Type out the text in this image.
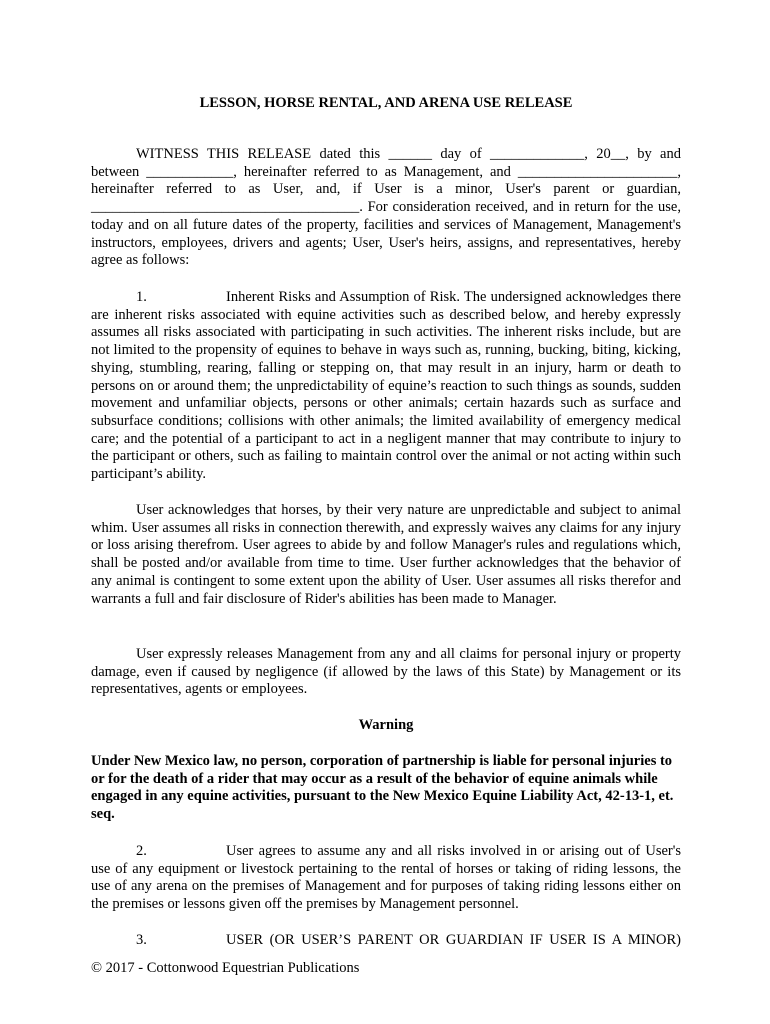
LESSON, HORSE RENTAL, AND ARENA USE RELEASE

WITNESS THIS RELEASE dated this ______ day of _____________, 20__, by and between ____________, hereinafter referred to as Management, and ______________________, hereinafter referred to as User, and, if User is a minor, User's parent or guardian, _____________________________________. For consideration received, and in return for the use, today and on all future dates of the property, facilities and services of Management, Management's instructors, employees, drivers and agents; User, User's heirs, assigns, and representatives, hereby agree as follows:

1.	Inherent Risks and Assumption of Risk. The undersigned acknowledges there are inherent risks associated with equine activities such as described below, and hereby expressly assumes all risks associated with participating in such activities. The inherent risks include, but are not limited to the propensity of equines to behave in ways such as, running, bucking, biting, kicking, shying, stumbling, rearing, falling or stepping on, that may result in an injury, harm or death to persons on or around them; the unpredictability of equine’s reaction to such things as sounds, sudden movement and unfamiliar objects, persons or other animals; certain hazards such as surface and subsurface conditions; collisions with other animals; the limited availability of emergency medical care; and the potential of a participant to act in a negligent manner that may contribute to injury to the participant or others, such as failing to maintain control over the animal or not acting within such participant’s ability.

User acknowledges that horses, by their very nature are unpredictable and subject to animal whim. User assumes all risks in connection therewith, and expressly waives any claims for any injury or loss arising therefrom. User agrees to abide by and follow Manager's rules and regulations which, shall be posted and/or available from time to time. User further acknowledges that the behavior of any animal is contingent to some extent upon the ability of User. User assumes all risks therefor and warrants a full and fair disclosure of Rider's abilities has been made to Manager.

User expressly releases Management from any and all claims for personal injury or property damage, even if caused by negligence (if allowed by the laws of this State) by Management or its representatives, agents or employees.

Warning

Under New Mexico law, no person, corporation of partnership is liable for personal injuries to or for the death of a rider that may occur as a result of the behavior of equine animals while engaged in any equine activities, pursuant to the New Mexico Equine Liability Act, 42-13-1, et. seq.

2.	User agrees to assume any and all risks involved in or arising out of User's use of any equipment or livestock pertaining to the rental of horses or taking of riding lessons, the use of any arena on the premises of Management and for purposes of taking riding lessons either on the premises or lessons given off the premises by Management personnel.

3.	USER (OR USER’S PARENT OR GUARDIAN IF USER IS A MINOR)

© 2017 - Cottonwood Equestrian Publications
